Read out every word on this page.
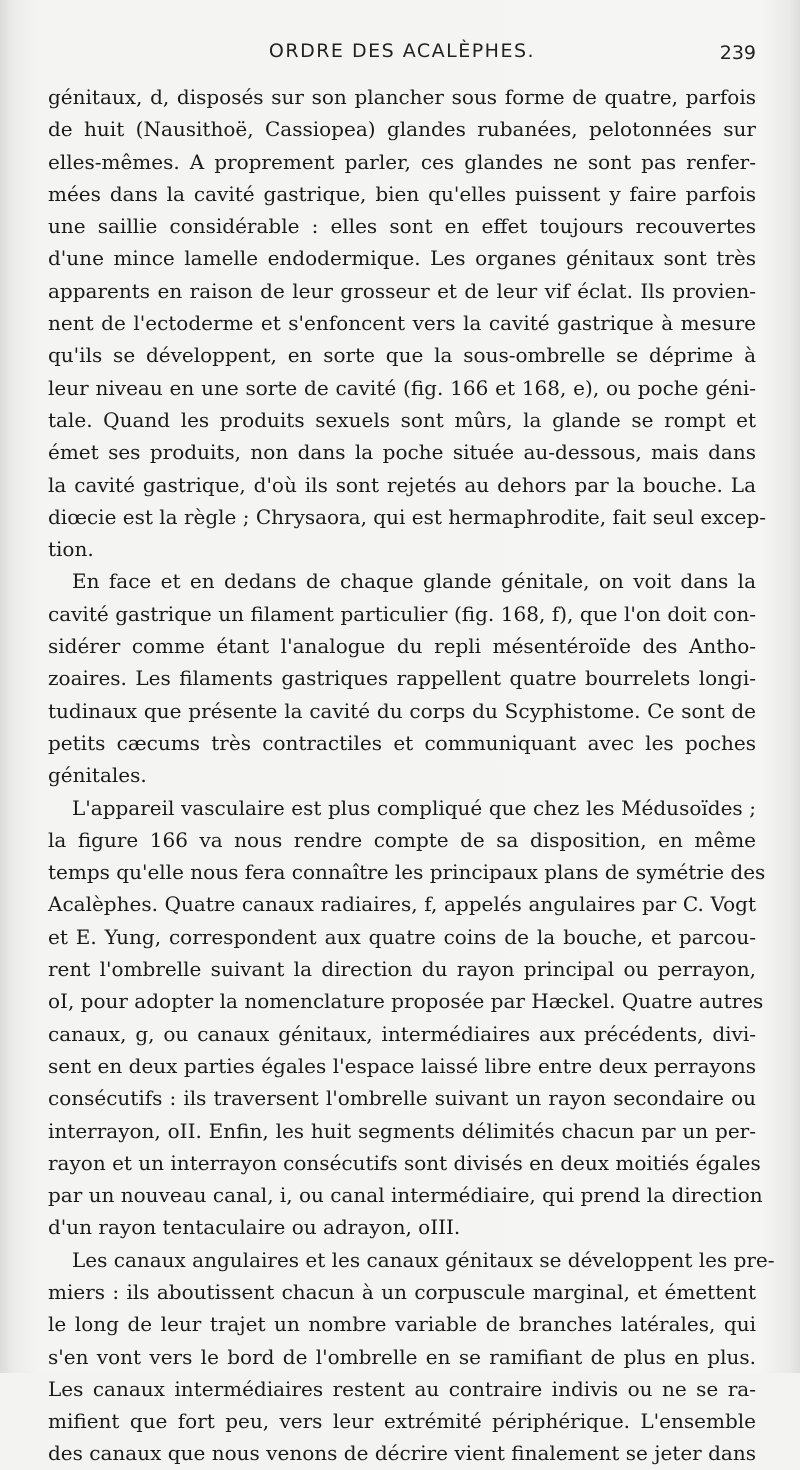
ORDRE DES ACALÈPHES.	239
génitaux, d, disposés sur son plancher sous forme de quatre, parfois
de huit (Nausithoë, Cassiopea) glandes rubanées, pelotonnées sur
elles-mêmes. A proprement parler, ces glandes ne sont pas renfer-
mées dans la cavité gastrique, bien qu'elles puissent y faire parfois
une saillie considérable : elles sont en effet toujours recouvertes
d'une mince lamelle endodermique. Les organes génitaux sont très
apparents en raison de leur grosseur et de leur vif éclat. Ils provien-
nent de l'ectoderme et s'enfoncent vers la cavité gastrique à mesure
qu'ils se développent, en sorte que la sous-ombrelle se déprime à
leur niveau en une sorte de cavité (fig. 166 et 168, e), ou poche géni-
tale. Quand les produits sexuels sont mûrs, la glande se rompt et
émet ses produits, non dans la poche située au-dessous, mais dans
la cavité gastrique, d'où ils sont rejetés au dehors par la bouche. La
diœcie est la règle ; Chrysaora, qui est hermaphrodite, fait seul excep-
tion.
En face et en dedans de chaque glande génitale, on voit dans la
cavité gastrique un filament particulier (fig. 168, f), que l'on doit con-
sidérer comme étant l'analogue du repli mésentéroïde des Antho-
zoaires. Les filaments gastriques rappellent quatre bourrelets longi-
tudinaux que présente la cavité du corps du Scyphistome. Ce sont de
petits cæcums très contractiles et communiquant avec les poches
génitales.
L'appareil vasculaire est plus compliqué que chez les Médusoïdes ;
la figure 166 va nous rendre compte de sa disposition, en même
temps qu'elle nous fera connaître les principaux plans de symétrie des
Acalèphes. Quatre canaux radiaires, f, appelés angulaires par C. Vogt
et E. Yung, correspondent aux quatre coins de la bouche, et parcou-
rent l'ombrelle suivant la direction du rayon principal ou perrayon,
oI, pour adopter la nomenclature proposée par Hæckel. Quatre autres
canaux, g, ou canaux génitaux, intermédiaires aux précédents, divi-
sent en deux parties égales l'espace laissé libre entre deux perrayons
consécutifs : ils traversent l'ombrelle suivant un rayon secondaire ou
interrayon, oII. Enfin, les huit segments délimités chacun par un per-
rayon et un interrayon consécutifs sont divisés en deux moitiés égales
par un nouveau canal, i, ou canal intermédiaire, qui prend la direction
d'un rayon tentaculaire ou adrayon, oIII.
Les canaux angulaires et les canaux génitaux se développent les pre-
miers : ils aboutissent chacun à un corpuscule marginal, et émettent
le long de leur trajet un nombre variable de branches latérales, qui
s'en vont vers le bord de l'ombrelle en se ramifiant de plus en plus.
Les canaux intermédiaires restent au contraire indivis ou ne se ra-
mifient que fort peu, vers leur extrémité périphérique. L'ensemble
des canaux que nous venons de décrire vient finalement se jeter dans
